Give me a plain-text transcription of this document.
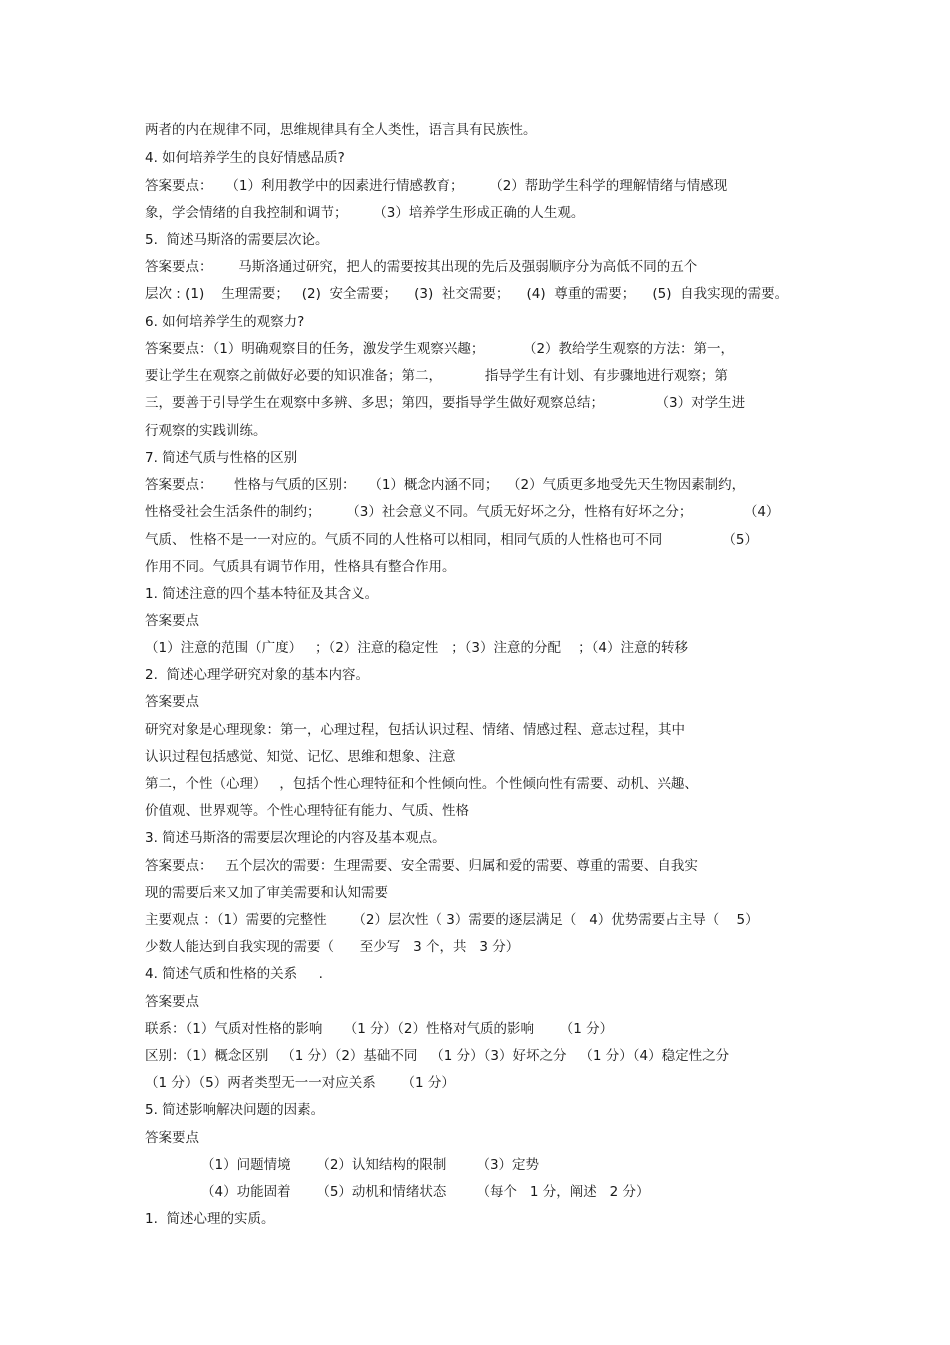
两者的内在规律不同，思维规律具有全人类性，语言具有民族性。
4. 如何培养学生的良好情感品质?
答案要点：   （1）利用教学中的因素进行情感教育；      （2）帮助学生科学的理解情绪与情感现
象，学会情绪的自我控制和调节；      （3）培养学生形成正确的人生观。
5.  简述马斯洛的需要层次论。
答案要点：      马斯洛通过研究，把人的需要按其出现的先后及强弱顺序分为高低不同的五个
层次 : (1)    生理需要；   (2)  安全需要；    (3)  社交需要；    (4)  尊重的需要；    (5)  自我实现的需要。
6. 如何培养学生的观察力?
答案要点：（1）明确观察目的任务，激发学生观察兴趣；         （2）教给学生观察的方法：第一，
要让学生在观察之前做好必要的知识准备；第二，          指导学生有计划、有步骤地进行观察；第
三，要善于引导学生在观察中多辨、多思；第四，要指导学生做好观察总结；            （3）对学生进
行观察的实践训练。
7. 简述气质与性格的区别
答案要点：     性格与气质的区别：   （1）概念内涵不同；  （2）气质更多地受先天生物因素制约，
性格受社会生活条件的制约；      （3）社会意义不同。气质无好坏之分，性格有好坏之分；            （4）
气质、 性格不是一一对应的。气质不同的人性格可以相同，相同气质的人性格也可不同              （5）
作用不同。气质具有调节作用，性格具有整合作用。
1. 简述注意的四个基本特征及其含义。
答案要点
（1）注意的范围（广度）   ；（2）注意的稳定性   ；（3）注意的分配    ；（4）注意的转移
2.  简述心理学研究对象的基本内容。
答案要点
研究对象是心理现象：第一，心理过程，包括认识过程、情绪、情感过程、意志过程，其中
认识过程包括感觉、知觉、记忆、思维和想象、注意
第二，个性（心理）   ，包括个性心理特征和个性倾向性。个性倾向性有需要、动机、兴趣、
价值观、世界观等。个性心理特征有能力、气质、性格
3. 简述马斯洛的需要层次理论的内容及基本观点。
答案要点：   五个层次的需要：生理需要、安全需要、归属和爱的需要、尊重的需要、自我实
现的需要后来又加了审美需要和认知需要
主要观点 ：（1）需要的完整性      （2）层次性（ 3）需要的逐层满足（   4）优势需要占主导（    5）
少数人能达到自我实现的需要（      至少写   3 个，共   3 分）
4. 简述气质和性格的关系     .
答案要点
联系：（1）气质对性格的影响     （1 分）（2）性格对气质的影响      （1 分）
区别：（1）概念区别   （1 分）（2）基础不同   （1 分）（3）好坏之分   （1 分）（4）稳定性之分
（1 分）（5）两者类型无一一对应关系      （1 分）
5. 简述影响解决问题的因素。
答案要点
（1）问题情境      （2）认知结构的限制       （3）定势
（4）功能固着      （5）动机和情绪状态       （每个   1 分，阐述   2 分）
1.  简述心理的实质。
